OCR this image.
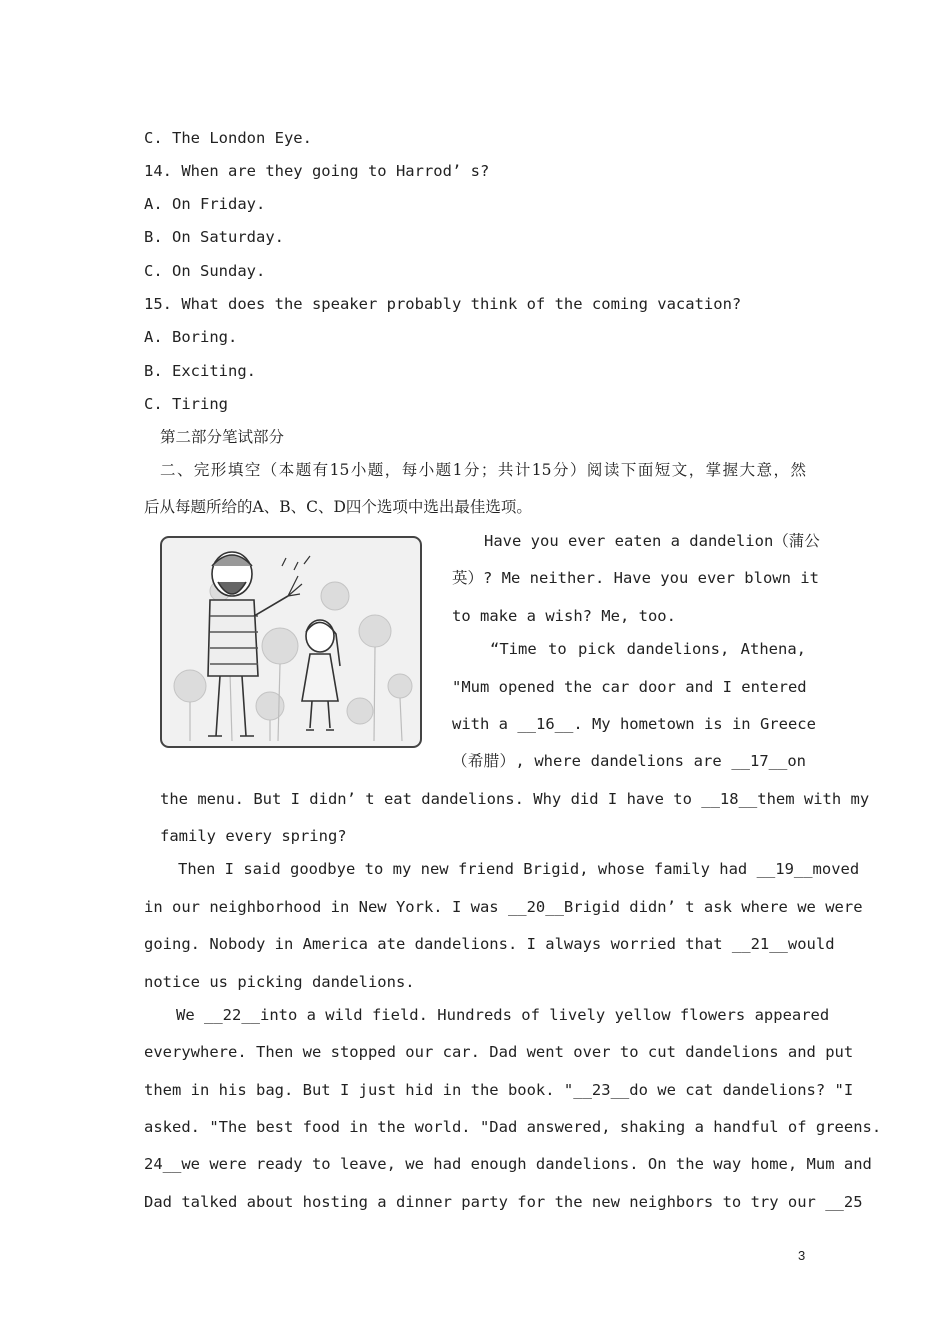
C. The London Eye.
14. When are they going to Harrod’ s?
A. On Friday.
B. On Saturday.
C. On Sunday.
15. What does the speaker probably think of the coming vacation?
A. Boring.
B. Exciting.
C. Tiring
第二部分笔试部分
二、完形填空（本题有15小题，每小题1分；共计15分）阅读下面短文，掌握大意，然
后从每题所给的A、B、C、D四个选项中选出最佳选项。
Have you ever eaten a dandelion（蒲公
英）? Me neither. Have you ever blown it
to make a wish? Me, too.
“Time to pick dandelions, Athena,
"Mum opened the car door and I entered
with a __16__. My hometown is in Greece
（希腊）, where dandelions are __17__on
the menu. But I didn’ t eat dandelions. Why did I have to __18__them with my
family every spring?
Then I said goodbye to my new friend Brigid, whose family had __19__moved
in our neighborhood in New York. I was __20__Brigid didn’ t ask where we were
going. Nobody in America ate dandelions. I always worried that __21__would
notice us picking dandelions.
We __22__into a wild field. Hundreds of lively yellow flowers appeared
everywhere. Then we stopped our car. Dad went over to cut dandelions and put
them in his bag. But I just hid in the book. "__23__do we cat dandelions? "I
asked. "The best food in the world. "Dad answered, shaking a handful of greens.
24__we were ready to leave, we had enough dandelions. On the way home, Mum and
Dad talked about hosting a dinner party for the new neighbors to try our __25
3
